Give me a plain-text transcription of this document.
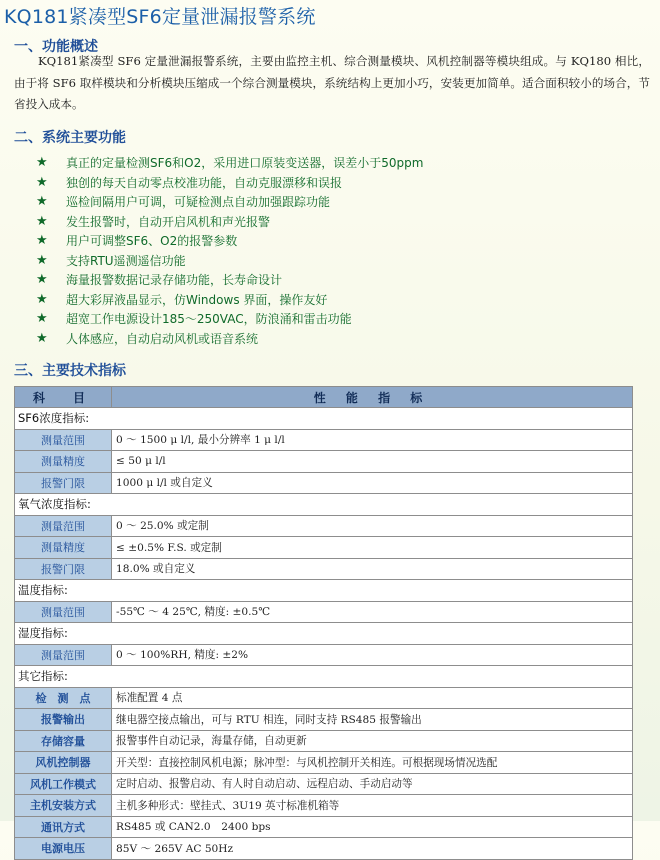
KQ181紧凑型SF6定量泄漏报警系统
一、功能概述
KQ181紧凑型 SF6 定量泄漏报警系统，主要由监控主机、综合测量模块、风机控制器等模块组成。与 KQ180 相比，由于将 SF6 取样模块和分析模块压缩成一个综合测量模块，系统结构上更加小巧，安装更加简单。适合面积较小的场合，节省投入成本。
二、系统主要功能
★	真正的定量检测SF6和O2，采用进口原装变送器，误差小于50ppm
★	独创的每天自动零点校准功能，自动克服漂移和误报
★	巡检间隔用户可调，可疑检测点自动加强跟踪功能
★	发生报警时，自动开启风机和声光报警
★	用户可调整SF6、O2的报警参数
★	支持RTU遥测遥信功能
★	海量报警数据记录存储功能，长寿命设计
★	超大彩屏液晶显示，仿Windows 界面，操作友好
★	超宽工作电源设计185～250VAC，防浪涌和雷击功能
★	人体感应，自动启动风机或语音系统
三、主要技术指标
科　目	性 能 指 标
SF6浓度指标:	
测量范围	0 ～ 1500 μ l/l, 最小分辨率 1 μ l/l
测量精度	≤ 50 μ l/l
报警门限	1000 μ l/l 或自定义
氧气浓度指标:	
测量范围	0 ～ 25.0% 或定制
测量精度	≤ ±0.5% F.S. 或定制
报警门限	18.0% 或自定义
温度指标:	
测量范围	-55℃ ～ 4 25℃, 精度: ±0.5℃
湿度指标:	
测量范围	0 ～ 100%RH, 精度: ±2%
其它指标:	
检　测　点	标准配置 4 点
报警输出	继电器空接点输出，可与 RTU 相连，同时支持 RS485 报警输出
存储容量	报警事件自动记录，海量存储，自动更新
风机控制器	开关型：直接控制风机电源；脉冲型：与风机控制开关相连。可根据现场情况选配
风机工作模式	定时启动、报警启动、有人时自动启动、远程启动、手动启动等
主机安装方式	主机多种形式：壁挂式、3U19 英寸标准机箱等
通讯方式	RS485 或 CAN2.0　2400 bps
电源电压	85V ～ 265V AC 50Hz
